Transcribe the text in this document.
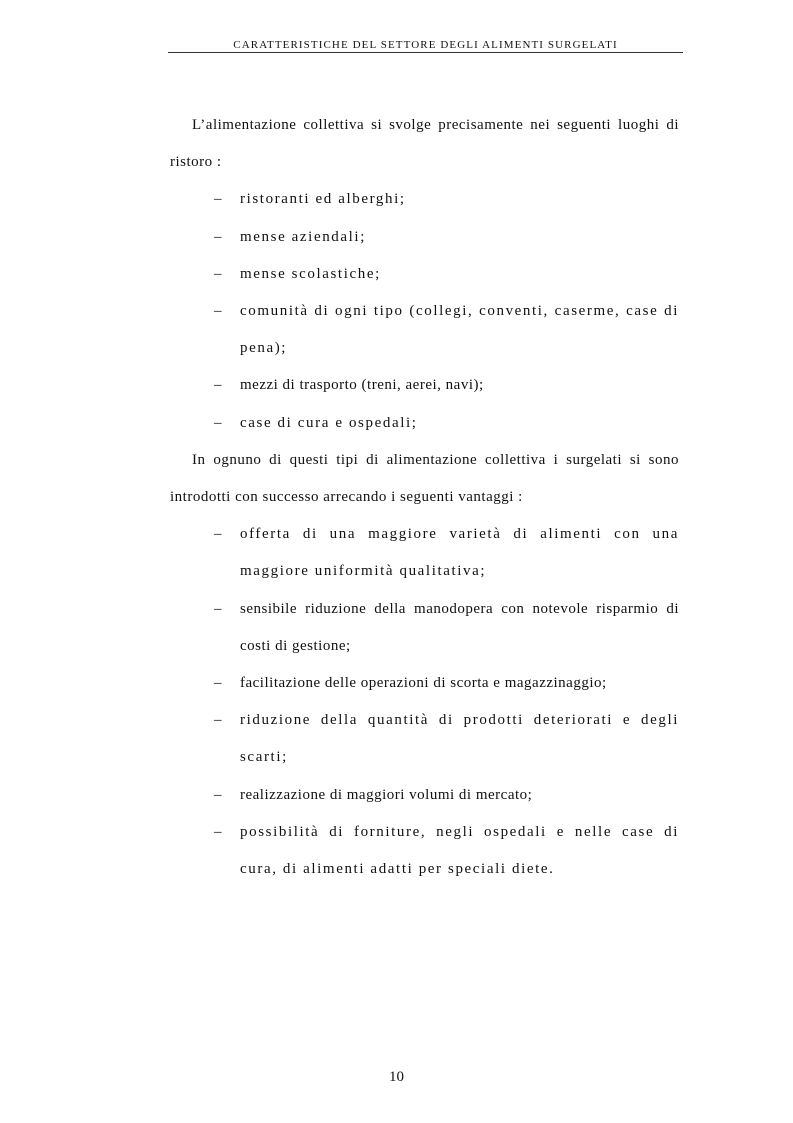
CARATTERISTICHE DEL SETTORE DEGLI ALIMENTI SURGELATI

L’alimentazione collettiva si svolge precisamente nei seguenti luoghi di ristoro :

– ristoranti ed alberghi;
– mense aziendali;
– mense scolastiche;
– comunità di ogni tipo (collegi, conventi, caserme, case di pena);
– mezzi di trasporto (treni, aerei, navi);
– case di cura e ospedali;

In ognuno di questi tipi di alimentazione collettiva i surgelati si sono introdotti con successo arrecando i seguenti vantaggi :

– offerta di una maggiore varietà di alimenti con una maggiore uniformità qualitativa;
– sensibile riduzione della manodopera con notevole risparmio di costi di gestione;
– facilitazione delle operazioni di scorta e magazzinaggio;
– riduzione della quantità di prodotti deteriorati e degli scarti;
– realizzazione di maggiori volumi di mercato;
– possibilità di forniture, negli ospedali e nelle case di cura, di alimenti adatti per speciali diete.
10
